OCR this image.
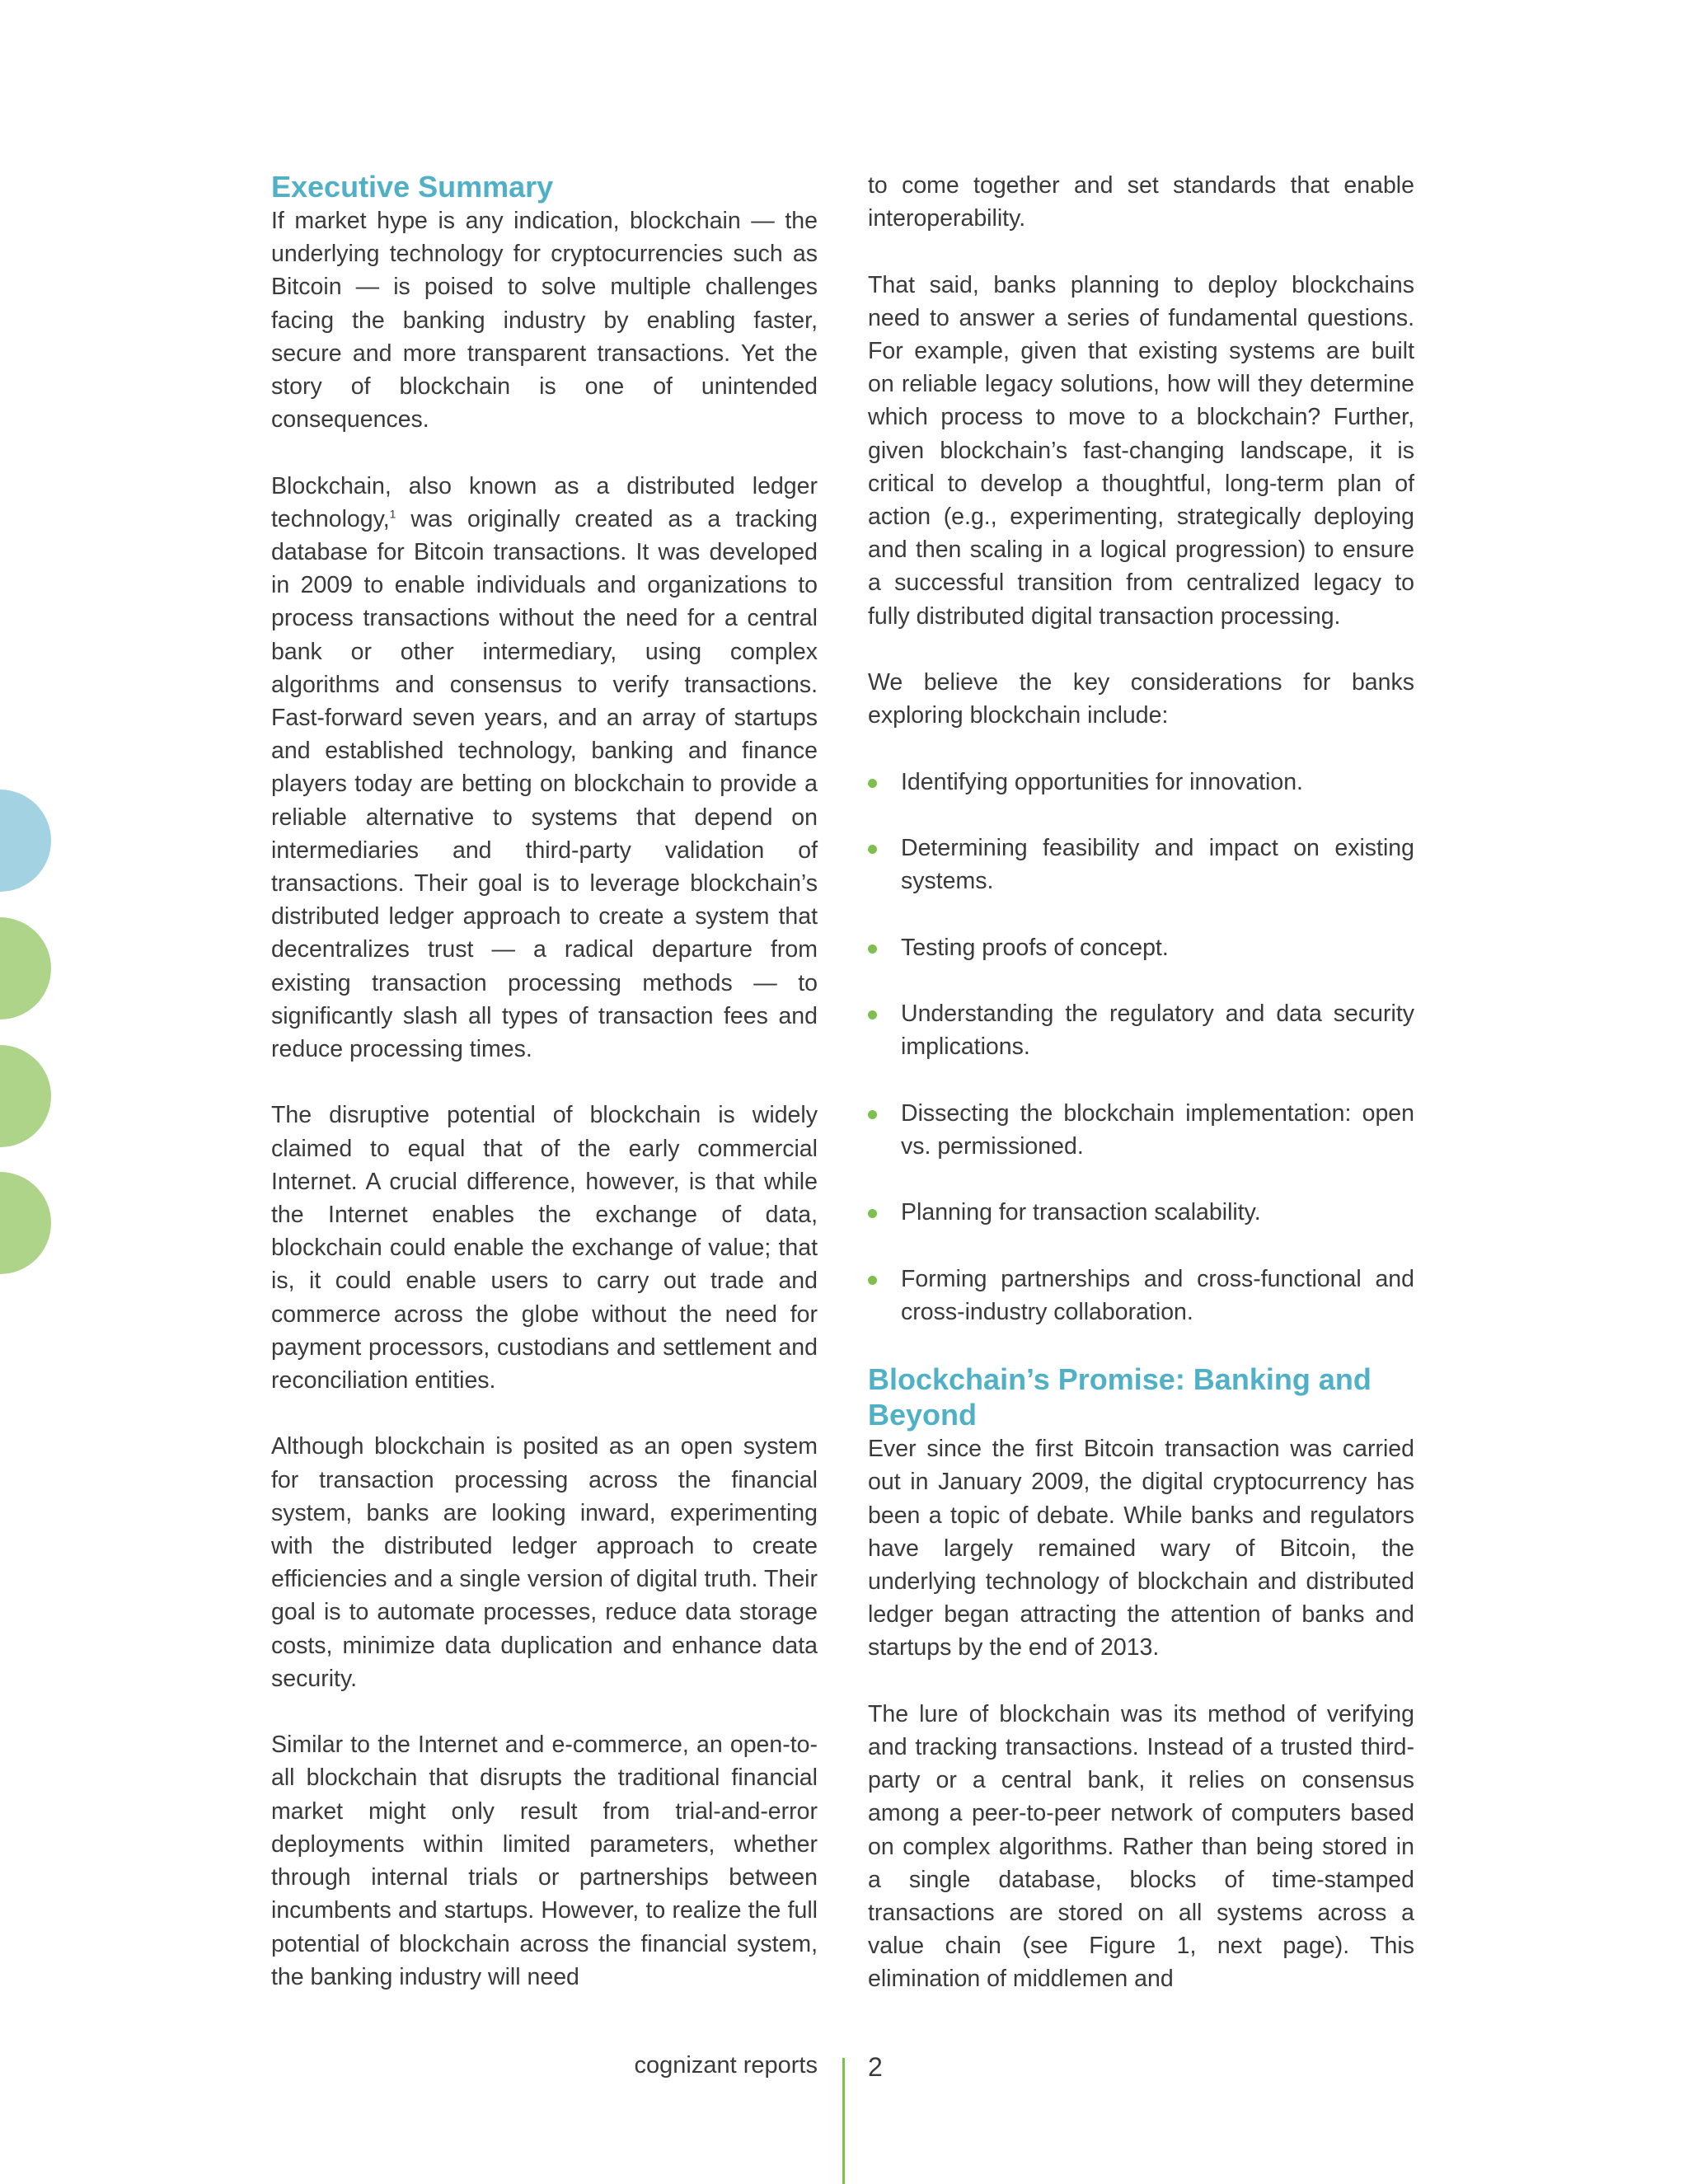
Executive Summary

If market hype is any indication, blockchain — the underlying technology for cryptocurrencies such as Bitcoin — is poised to solve multiple challenges facing the banking industry by enabling faster, secure and more transparent transactions. Yet the story of blockchain is one of unintended consequences.

Blockchain, also known as a distributed ledger technology,$^1$ was originally created as a tracking database for Bitcoin transactions. It was developed in 2009 to enable individuals and organizations to process transactions without the need for a central bank or other intermediary, using complex algorithms and consensus to verify transactions. Fast-forward seven years, and an array of startups and established technology, banking and finance players today are betting on blockchain to provide a reliable alternative to systems that depend on intermediaries and third-party validation of transactions. Their goal is to leverage blockchain’s distributed ledger approach to create a system that decentralizes trust — a radical departure from existing transaction processing methods — to significantly slash all types of transaction fees and reduce processing times.

The disruptive potential of blockchain is widely claimed to equal that of the early commercial Internet. A crucial difference, however, is that while the Internet enables the exchange of data, blockchain could enable the exchange of value; that is, it could enable users to carry out trade and commerce across the globe without the need for payment processors, custodians and settlement and reconciliation entities.

Although blockchain is posited as an open system for transaction processing across the financial system, banks are looking inward, experimenting with the distributed ledger approach to create efficiencies and a single version of digital truth. Their goal is to automate processes, reduce data storage costs, minimize data duplication and enhance data security.

Similar to the Internet and e-commerce, an open-to-all blockchain that disrupts the traditional financial market might only result from trial-and-error deployments within limited parameters, whether through internal trials or partnerships between incumbents and startups. However, to realize the full potential of blockchain across the financial system, the banking industry will need

to come together and set standards that enable interoperability.

That said, banks planning to deploy blockchains need to answer a series of fundamental questions. For example, given that existing systems are built on reliable legacy solutions, how will they determine which process to move to a blockchain? Further, given blockchain’s fast-changing landscape, it is critical to develop a thoughtful, long-term plan of action (e.g., experimenting, strategically deploying and then scaling in a logical progression) to ensure a successful transition from centralized legacy to fully distributed digital transaction processing.

We believe the key considerations for banks exploring blockchain include:

Identifying opportunities for innovation.
Determining feasibility and impact on existing systems.
Testing proofs of concept.
Understanding the regulatory and data security implications.
Dissecting the blockchain implementation: open vs. permissioned.
Planning for transaction scalability.
Forming partnerships and cross-functional and cross-industry collaboration.
Blockchain’s Promise: Banking and Beyond

Ever since the first Bitcoin transaction was carried out in January 2009, the digital cryptocurrency has been a topic of debate. While banks and regulators have largely remained wary of Bitcoin, the underlying technology of blockchain and distributed ledger began attracting the attention of banks and startups by the end of 2013.

The lure of blockchain was its method of verifying and tracking transactions. Instead of a trusted third-party or a central bank, it relies on consensus among a peer-to-peer network of computers based on complex algorithms. Rather than being stored in a single database, blocks of time-stamped transactions are stored on all systems across a value chain (see Figure 1, next page). This elimination of middlemen and

cognizant reports 2
